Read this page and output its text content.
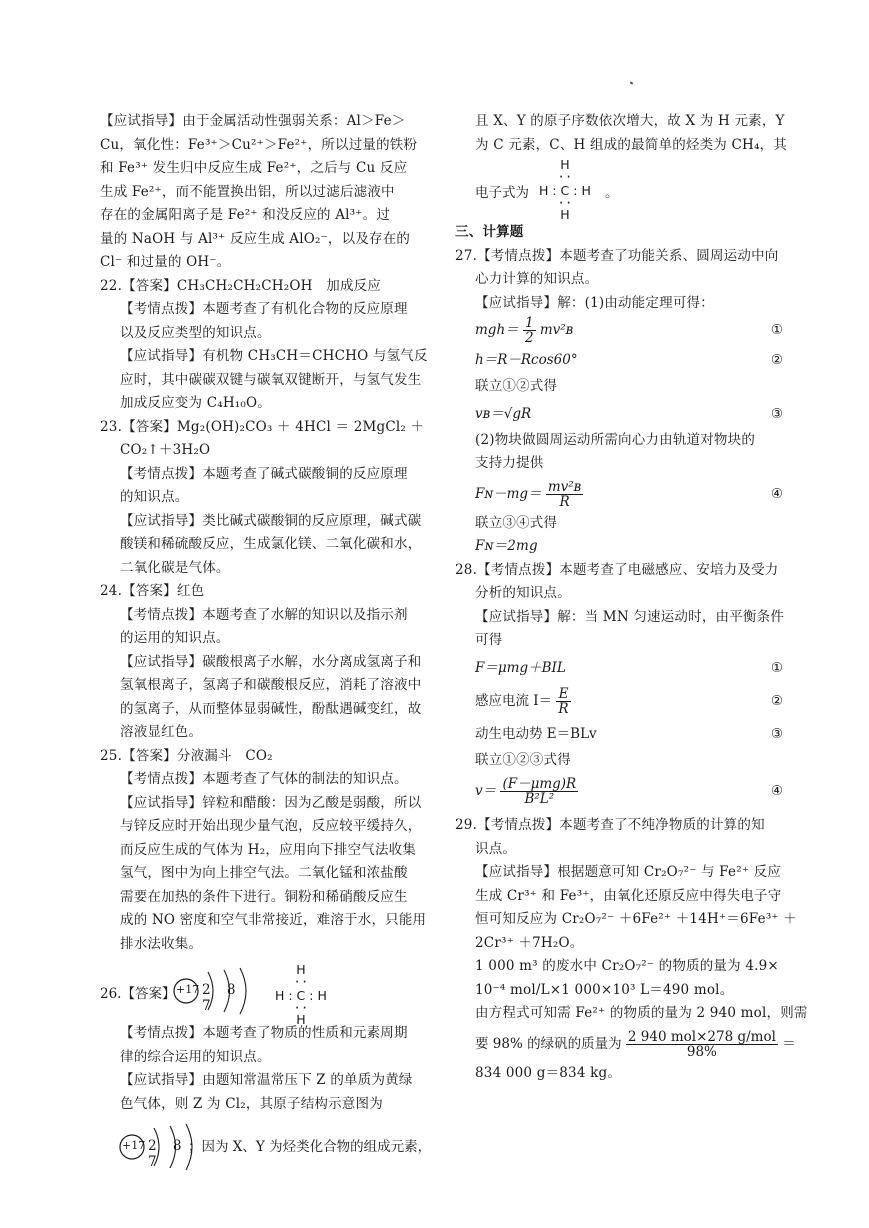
【应试指导】由于金属活动性强弱关系：Al＞Fe＞
Cu，氧化性：Fe³⁺＞Cu²⁺＞Fe²⁺，所以过量的铁粉
和 Fe³⁺ 发生归中反应生成 Fe²⁺，之后与 Cu 反应
生成 Fe²⁺，而不能置换出铝，所以过滤后滤液中
存在的金属阳离子是 Fe²⁺ 和没反应的 Al³⁺。过
量的 NaOH 与 Al³⁺ 反应生成 AlO₂⁻，以及存在的
Cl⁻ 和过量的 OH⁻。
22.【答案】CH₃CH₂CH₂CH₂OH　加成反应
【考情点拨】本题考查了有机化合物的反应原理
以及反应类型的知识点。
【应试指导】有机物 CH₃CH＝CHCHO 与氢气反
应时，其中碳碳双键与碳氧双键断开，与氢气发生
加成反应变为 C₄H₁₀O。
23.【答案】Mg₂(OH)₂CO₃ ＋ 4HCl ＝ 2MgCl₂ ＋
CO₂↑＋3H₂O
【考情点拨】本题考查了碱式碳酸铜的反应原理
的知识点。
【应试指导】类比碱式碳酸铜的反应原理，碱式碳
酸镁和稀硫酸反应，生成氯化镁、二氧化碳和水，
二氧化碳是气体。
24.【答案】红色
【考情点拨】本题考查了水解的知识以及指示剂
的运用的知识点。
【应试指导】碳酸根离子水解，水分离成氢离子和
氢氧根离子，氢离子和碳酸根反应，消耗了溶液中
的氢离子，从而整体显弱碱性，酚酞遇碱变红，故
溶液显红色。
25.【答案】分液漏斗　CO₂
【考情点拨】本题考查了气体的制法的知识点。
【应试指导】锌粒和醋酸：因为乙酸是弱酸，所以
与锌反应时开始出现少量气泡，反应较平缓持久，
而反应生成的气体为 H₂，应用向下排空气法收集
氢气，图中为向上排空气法。二氧化锰和浓盐酸
需要在加热的条件下进行。铜粉和稀硝酸反应生
成的 NO 密度和空气非常接近，难溶于水，只能用
排水法收集。
26.【答案】 +17 2 8 7
H
··
H : C : H
··
H
【考情点拨】本题考查了物质的性质和元素周期
律的综合运用的知识点。
【应试指导】由题知常温常压下 Z 的单质为黄绿
色气体，则 Z 为 Cl₂，其原子结构示意图为
+17 2 8 7
；因为 X、Y 为烃类化合物的组成元素，
且 X、Y 的原子序数依次增大，故 X 为 H 元素，Y
为 C 元素，C、H 组成的最简单的烃类为 CH₄，其
电子式为
H
··
H : C : H
··
H
。
三、计算题
27.【考情点拨】本题考查了功能关系、圆周运动中向
心力计算的知识点。
【应试指导】解：(1)由动能定理可得：
$mgh= \frac{1}{2}$ mv²ʙ	①
h＝R－Rcos60°	②
联立①②式得
vʙ＝√gR	③
(2)物块做圆周运动所需向心力由轨道对物块的
支持力提供
Fɴ－mg＝ $\frac{\text{mv²ʙ}}{R}$	④
联立③④式得
Fɴ＝2mg
28.【考情点拨】本题考查了电磁感应、安培力及受力
分析的知识点。
【应试指导】解：当 MN 匀速运动时，由平衡条件
可得
F＝μmg＋BIL	①
感应电流 $I= \frac{E}{R}$	②
动生电动势 E＝BLv	③
联立①②③式得
$v= \frac{\text{(F－μmg)R}}{\text{B²L²}}$	④
29.【考情点拨】本题考查了不纯净物质的计算的知
识点。
【应试指导】根据题意可知 Cr₂O₇²⁻ 与 Fe²⁺ 反应
生成 Cr³⁺ 和 Fe³⁺，由氧化还原反应中得失电子守
恒可知反应为 Cr₂O₇²⁻ ＋6Fe²⁺ ＋14H⁺＝6Fe³⁺ ＋
2Cr³⁺ ＋7H₂O。
1 000 m³ 的废水中 Cr₂O₇²⁻ 的物质的量为 4.9×
10⁻⁴ mol/L×1 000×10³ L＝490 mol。
由方程式可知需 Fe²⁺ 的物质的量为 2 940 mol，则需
要 98% 的绿矾的质量为 $\frac{\text{2 940 mol×278 g/mol}}{98\%}$ ＝
834 000 g＝834 kg。
